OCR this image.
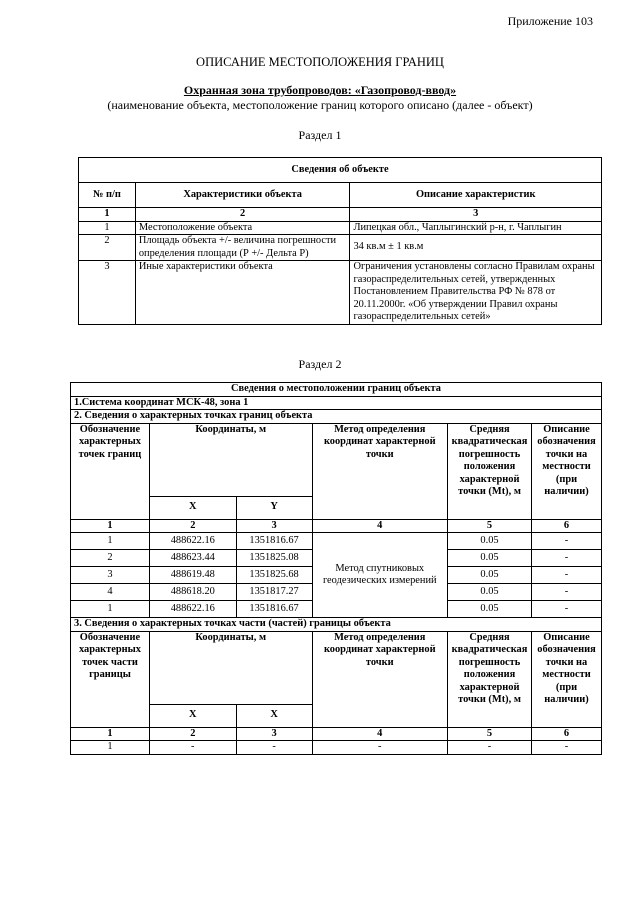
Приложение 103
ОПИСАНИЕ МЕСТОПОЛОЖЕНИЯ ГРАНИЦ
Охранная зона трубопроводов: «Газопровод-ввод»
(наименование объекта, местоположение границ которого описано (далее - объект)
Раздел 1
Сведения об объекте		
№ п/п	Характеристики объекта	Описание характеристик
1	2	3
1	Местоположение объекта	Липецкая обл., Чаплыгинский р-н, г. Чаплыгин
2	Площадь объекта +/- величина погрешности определения площади (Р +/- Дельта Р)	34 кв.м ± 1 кв.м
3	Иные характеристики объекта	Ограничения установлены согласно Правилам охраны газораспределительных сетей, утвержденных Постановлением Правительства РФ № 878 от 20.11.2000г. «Об утверждении Правил охраны газораспределительных сетей»
Раздел 2
Сведения о местоположении границ объекта					
1.Система координат МСК-48, зона 1					
2. Сведения о характерных точках границ объекта					
Обозначение характерных точек границ	Координаты, м		Метод определения координат характерной точки	Средняя квадратическая погрешность положения характерной точки (Mt), м	Описание обозначения точки на местности (при наличии)
	X	Y			
1	2	3	4	5	6
1	488622.16	1351816.67	Метод спутниковых геодезических измерений	0.05	-
2	488623.44	1351825.08		0.05	-
3	488619.48	1351825.68		0.05	-
4	488618.20	1351817.27		0.05	-
1	488622.16	1351816.67		0.05	-
3. Сведения о характерных точках части (частей) границы объекта					
Обозначение характерных точек части границы	Координаты, м		Метод определения координат характерной точки	Средняя квадратическая погрешность положения характерной точки (Mt), м	Описание обозначения точки на местности (при наличии)
	X	X			
1	2	3	4	5	6
1	-	-	-	-	-
